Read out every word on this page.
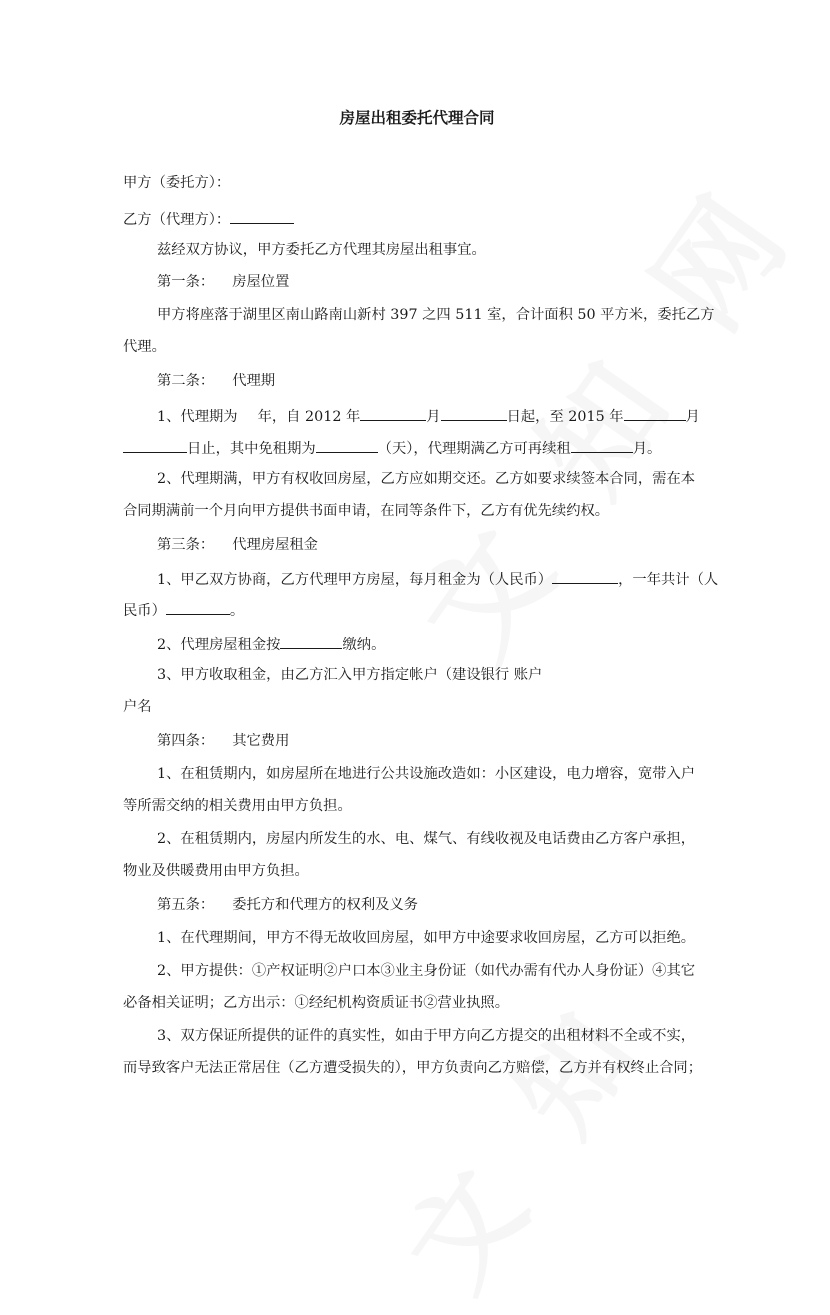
房屋出租委托代理合同
甲方（委托方）：
乙方（代理方）：
兹经双方协议，甲方委托乙方代理其房屋出租事宜。
第一条： 房屋位置
甲方将座落于湖里区南山路南山新村 397 之四 511 室，合计面积 50 平方米，委托乙方
代理。
第二条： 代理期
1、代理期为 年，自 2012 年	月	日起，至 2015 年	月
日止，其中免租期为	（天），代理期满乙方可再续租	月。
2、代理期满，甲方有权收回房屋，乙方应如期交还。乙方如要求续签本合同，需在本
合同期满前一个月向甲方提供书面申请，在同等条件下，乙方有优先续约权。
第三条： 代理房屋租金
1、甲乙双方协商，乙方代理甲方房屋，每月租金为（人民币）	，一年共计（人
民币）	。
2、代理房屋租金按	缴纳。
3、甲方收取租金，由乙方汇入甲方指定帐户（建设银行 账户
户名
第四条： 其它费用
1、在租赁期内，如房屋所在地进行公共设施改造如：小区建设，电力增容，宽带入户
等所需交纳的相关费用由甲方负担。
2、在租赁期内，房屋内所发生的水、电、煤气、有线收视及电话费由乙方客户承担，
物业及供暖费用由甲方负担。
第五条： 委托方和代理方的权利及义务
1、在代理期间，甲方不得无故收回房屋，如甲方中途要求收回房屋，乙方可以拒绝。
2、甲方提供：①产权证明②户口本③业主身份证（如代办需有代办人身份证）④其它
必备相关证明；乙方出示：①经纪机构资质证书②营业执照。
3、双方保证所提供的证件的真实性，如由于甲方向乙方提交的出租材料不全或不实，
而导致客户无法正常居住（乙方遭受损失的），甲方负责向乙方赔偿，乙方并有权终止合同；
